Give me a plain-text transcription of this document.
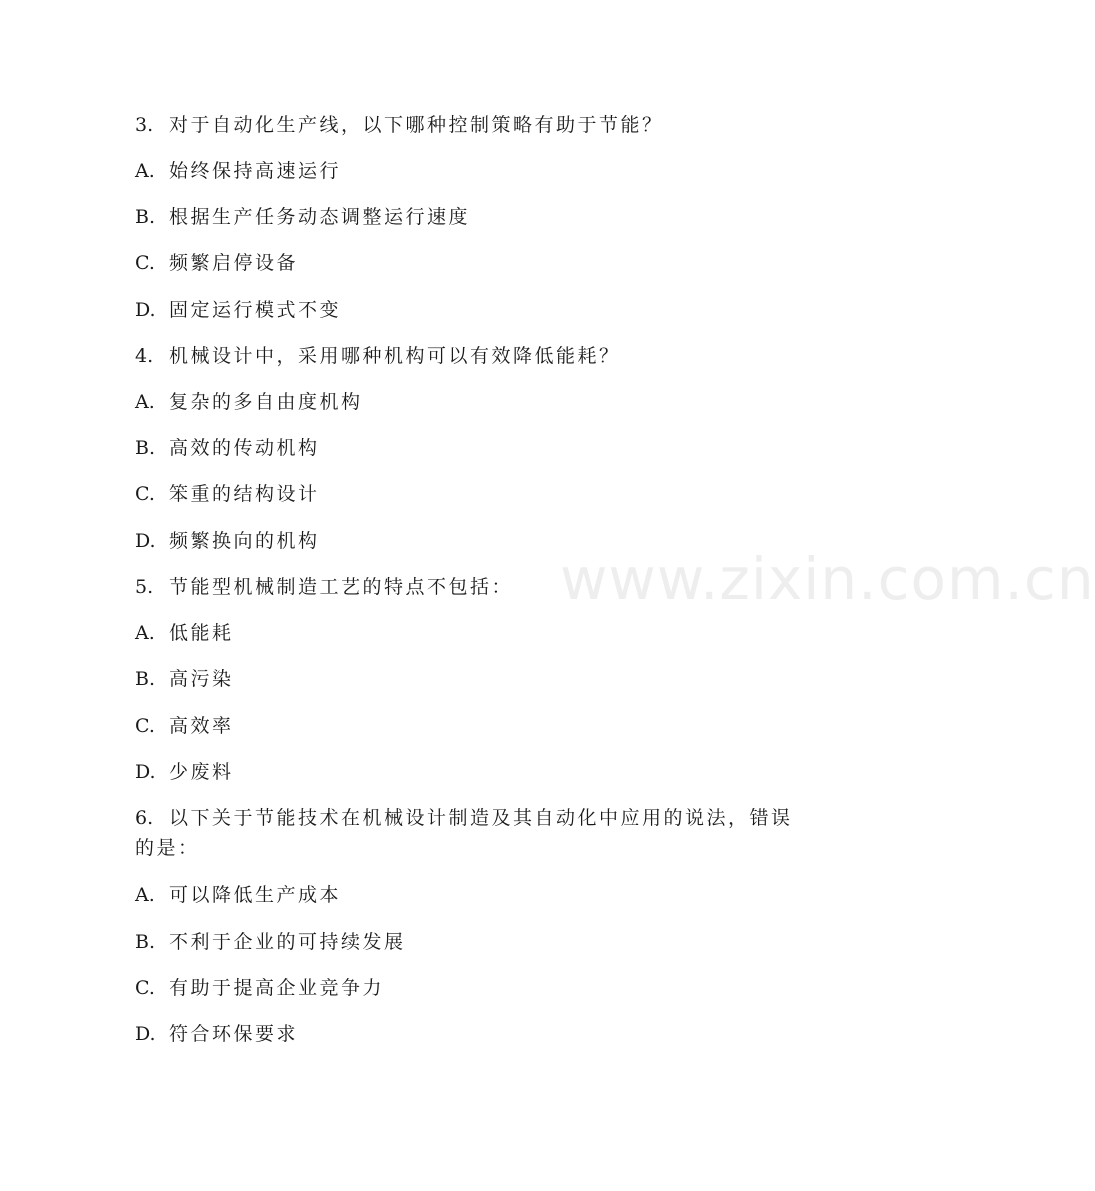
www.zixin.com.cn
3. 对于自动化生产线，以下哪种控制策略有助于节能？
A. 始终保持高速运行
B. 根据生产任务动态调整运行速度
C. 频繁启停设备
D. 固定运行模式不变
4. 机械设计中，采用哪种机构可以有效降低能耗？
A. 复杂的多自由度机构
B. 高效的传动机构
C. 笨重的结构设计
D. 频繁换向的机构
5. 节能型机械制造工艺的特点不包括：
A. 低能耗
B. 高污染
C. 高效率
D. 少废料
6. 以下关于节能技术在机械设计制造及其自动化中应用的说法，错误的是：
A. 可以降低生产成本
B. 不利于企业的可持续发展
C. 有助于提高企业竞争力
D. 符合环保要求
